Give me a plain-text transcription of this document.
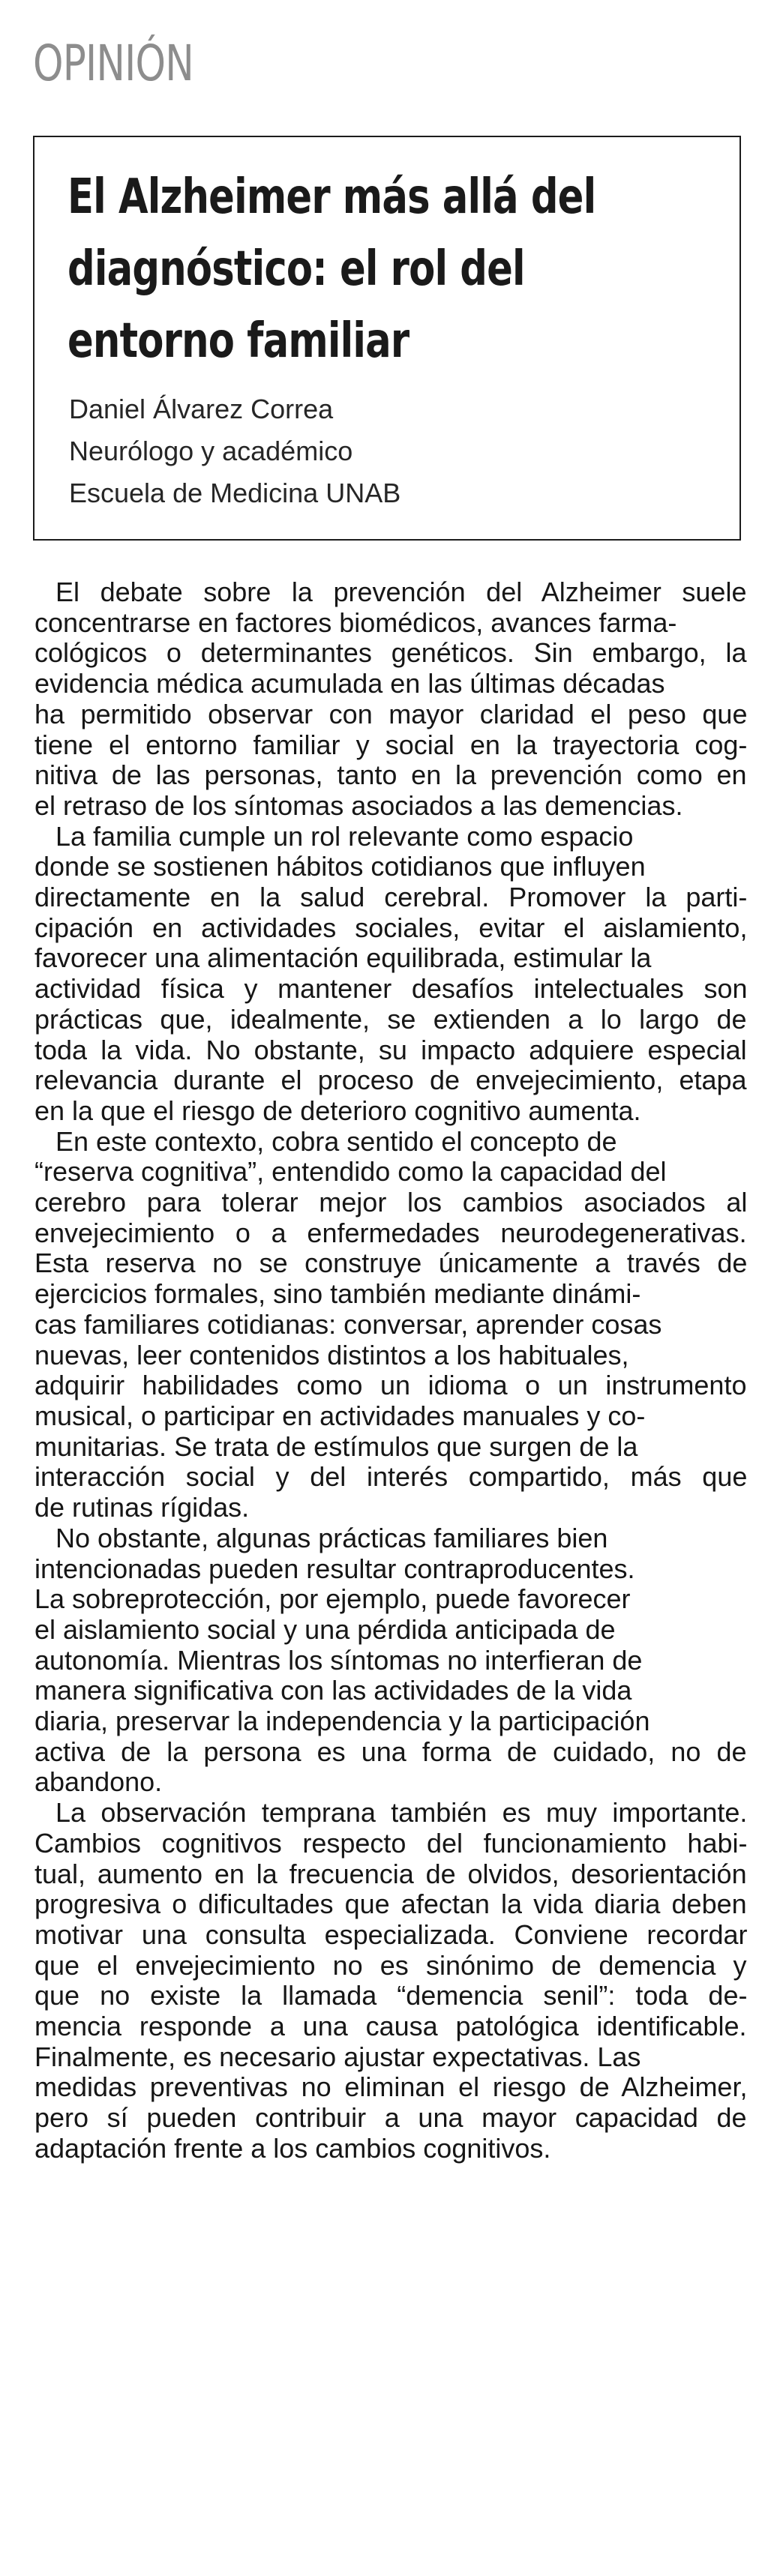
OPINIÓN
El Alzheimer más allá del
diagnóstico: el rol del
entorno familiar
Daniel Álvarez Correa
Neurólogo y académico
Escuela de Medicina UNAB

El debate sobre la prevención del Alzheimer suele
concentrarse en factores biomédicos, avances farma-
cológicos o determinantes genéticos. Sin embargo, la
evidencia médica acumulada en las últimas décadas
ha permitido observar con mayor claridad el peso que
tiene el entorno familiar y social en la trayectoria cog-
nitiva de las personas, tanto en la prevención como en
el retraso de los síntomas asociados a las demencias.

La familia cumple un rol relevante como espacio
donde se sostienen hábitos cotidianos que influyen
directamente en la salud cerebral. Promover la parti-
cipación en actividades sociales, evitar el aislamiento,
favorecer una alimentación equilibrada, estimular la
actividad física y mantener desafíos intelectuales son
prácticas que, idealmente, se extienden a lo largo de
toda la vida. No obstante, su impacto adquiere especial
relevancia durante el proceso de envejecimiento, etapa
en la que el riesgo de deterioro cognitivo aumenta.

En este contexto, cobra sentido el concepto de
“reserva cognitiva”, entendido como la capacidad del
cerebro para tolerar mejor los cambios asociados al
envejecimiento o a enfermedades neurodegenerativas.
Esta reserva no se construye únicamente a través de
ejercicios formales, sino también mediante dinámi-
cas familiares cotidianas: conversar, aprender cosas
nuevas, leer contenidos distintos a los habituales,
adquirir habilidades como un idioma o un instrumento
musical, o participar en actividades manuales y co-
munitarias. Se trata de estímulos que surgen de la
interacción social y del interés compartido, más que
de rutinas rígidas.

No obstante, algunas prácticas familiares bien
intencionadas pueden resultar contraproducentes.
La sobreprotección, por ejemplo, puede favorecer
el aislamiento social y una pérdida anticipada de
autonomía. Mientras los síntomas no interfieran de
manera significativa con las actividades de la vida
diaria, preservar la independencia y la participación
activa de la persona es una forma de cuidado, no de
abandono.

La observación temprana también es muy importante.
Cambios cognitivos respecto del funcionamiento habi-
tual, aumento en la frecuencia de olvidos, desorientación
progresiva o dificultades que afectan la vida diaria deben
motivar una consulta especializada. Conviene recordar
que el envejecimiento no es sinónimo de demencia y
que no existe la llamada “demencia senil”: toda de-
mencia responde a una causa patológica identificable.
Finalmente, es necesario ajustar expectativas. Las
medidas preventivas no eliminan el riesgo de Alzheimer,
pero sí pueden contribuir a una mayor capacidad de
adaptación frente a los cambios cognitivos.
